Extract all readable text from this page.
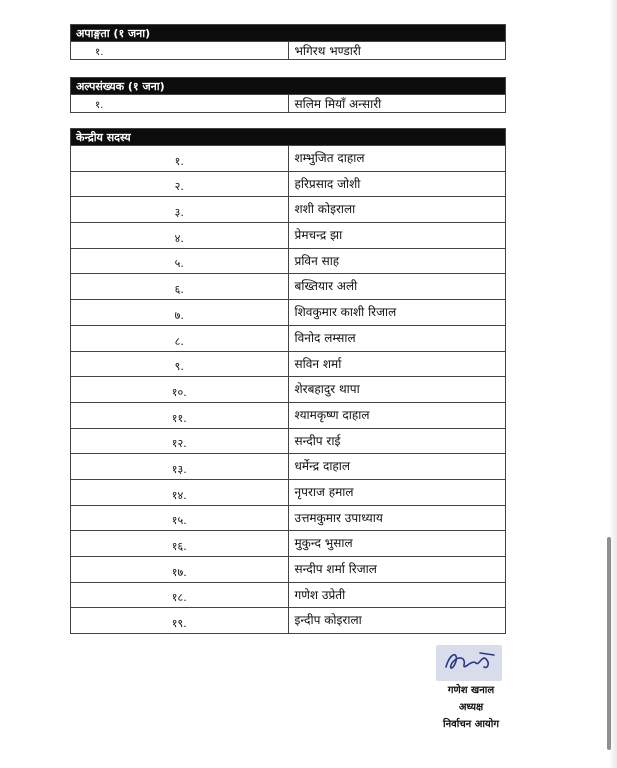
अपाङ्गता (१ जना)
१.	भगिरथ भण्डारी
अल्पसंख्यक (१ जना)
१.	सलिम मियाँ अन्सारी
केन्द्रीय सदस्य	
१.	शम्भुजित दाहाल
२.	हरिप्रसाद जोशी
३.	शशी कोइराला
४.	प्रेमचन्द्र झा
५.	प्रविन साह
६.	बख्तियार अली
७.	शिवकुमार काशी रिजाल
८.	विनोद लम्साल
९.	सविन शर्मा
१०.	शेरबहादुर थापा
११.	श्यामकृष्ण दाहाल
१२.	सन्दीप राई
१३.	धर्मेन्द्र दाहाल
१४.	नृपराज हमाल
१५.	उत्तमकुमार उपाध्याय
१६.	मुकुन्द भुसाल
१७.	सन्दीप शर्मा रिजाल
१८.	गणेश उप्रेती
१९.	इन्दीप कोइराला
गणेश खनाल
अध्यक्ष
निर्वाचन आयोग
